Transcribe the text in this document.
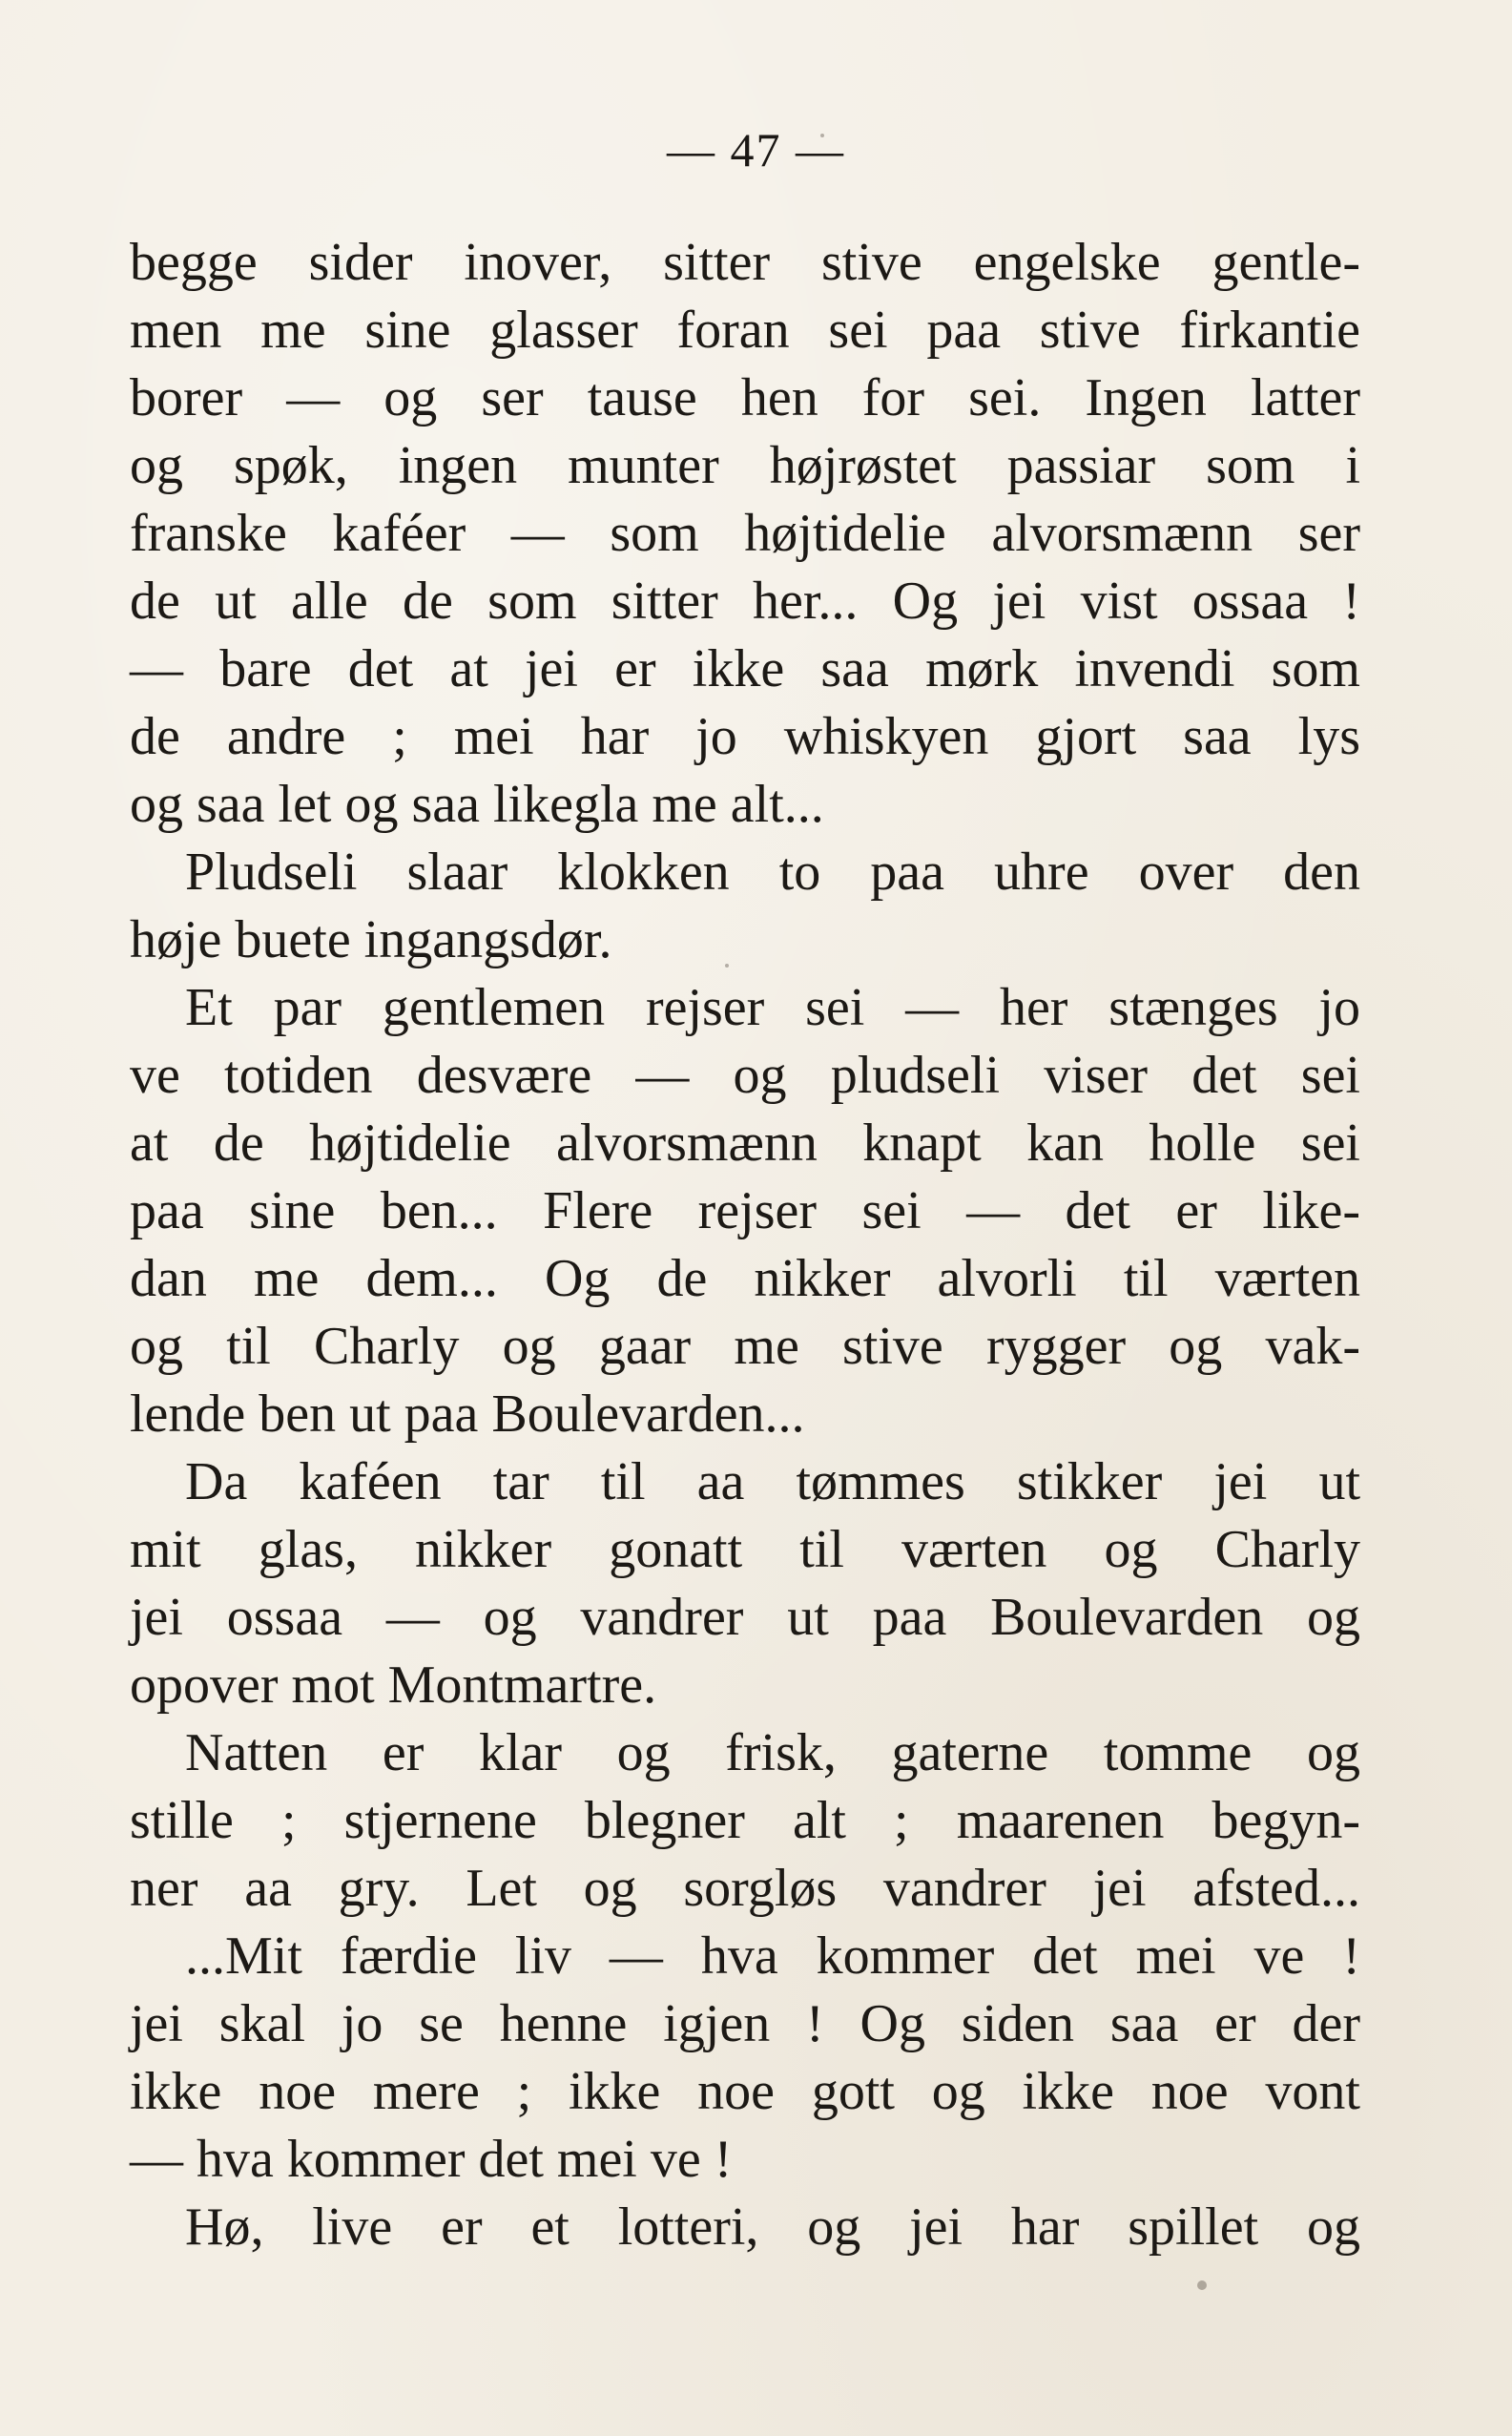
— 47 —
begge sider inover, sitter stive engelske gentle-
men me sine glasser foran sei paa stive firkantie
borer — og ser tause hen for sei. Ingen latter
og spøk, ingen munter højrøstet passiar som i
franske kaféer — som højtidelie alvorsmænn ser
de ut alle de som sitter her... Og jei vist ossaa !
— bare det at jei er ikke saa mørk invendi som
de andre ; mei har jo whiskyen gjort saa lys
og saa let og saa likegla me alt...
Pludseli slaar klokken to paa uhre over den
høje buete ingangsdør.
Et par gentlemen rejser sei — her stænges jo
ve totiden desvære — og pludseli viser det sei
at de højtidelie alvorsmænn knapt kan holle sei
paa sine ben... Flere rejser sei — det er like-
dan me dem... Og de nikker alvorli til værten
og til Charly og gaar me stive rygger og vak-
lende ben ut paa Boulevarden...
Da kaféen tar til aa tømmes stikker jei ut
mit glas, nikker gonatt til værten og Charly
jei ossaa — og vandrer ut paa Boulevarden og
opover mot Montmartre.
Natten er klar og frisk, gaterne tomme og
stille ; stjernene blegner alt ; maarenen begyn-
ner aa gry. Let og sorgløs vandrer jei afsted...
...Mit færdie liv — hva kommer det mei ve !
jei skal jo se henne igjen ! Og siden saa er der
ikke noe mere ; ikke noe gott og ikke noe vont
— hva kommer det mei ve !
Hø, live er et lotteri, og jei har spillet og
